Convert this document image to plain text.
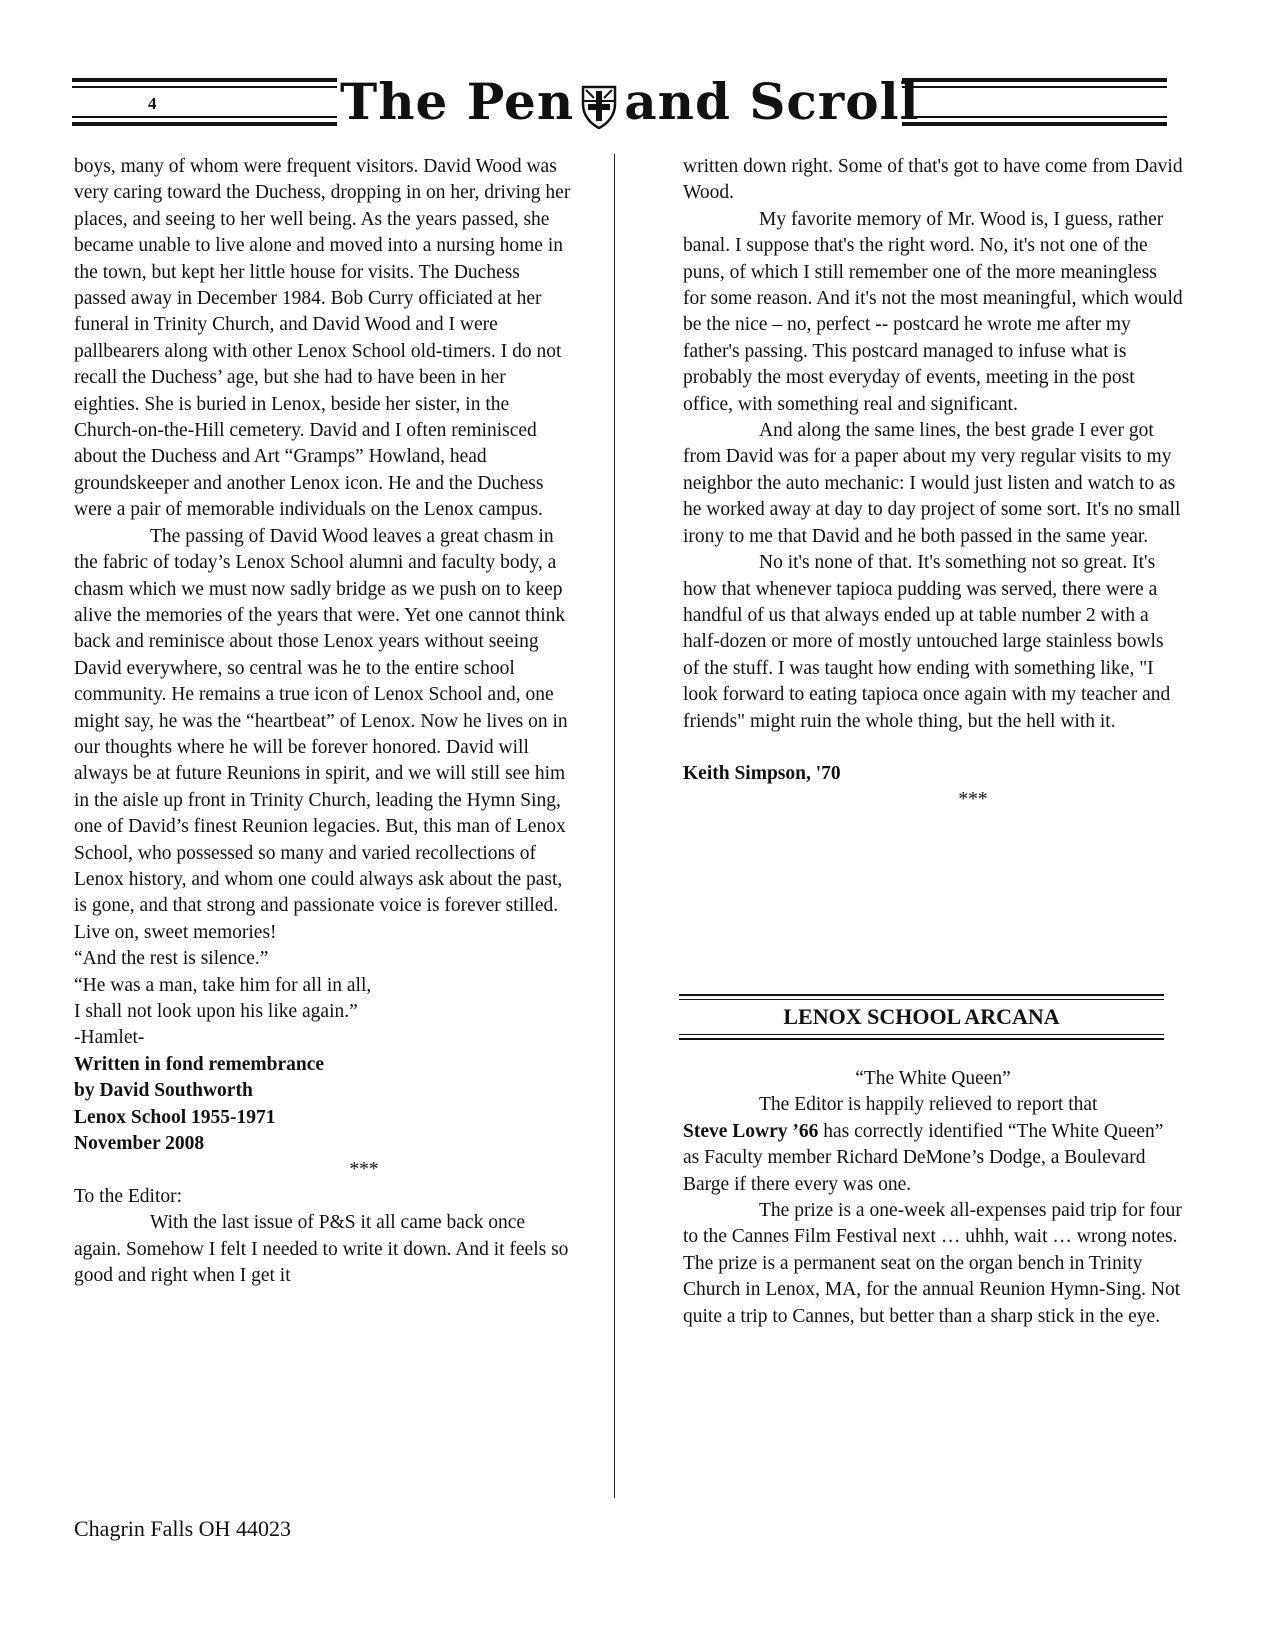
4	The Pen and Scroll

boys, many of whom were frequent visitors. David Wood was very caring toward the Duchess, dropping in on her, driving her places, and seeing to her well being. As the years passed, she became unable to live alone and moved into a nursing home in the town, but kept her little house for visits. The Duchess passed away in December 1984. Bob Curry officiated at her funeral in Trinity Church, and David Wood and I were pallbearers along with other Lenox School old-timers. I do not recall the Duchess’ age, but she had to have been in her eighties. She is buried in Lenox, beside her sister, in the Church-on-the-Hill cemetery. David and I often reminisced about the Duchess and Art “Gramps” Howland, head groundskeeper and another Lenox icon. He and the Duchess were a pair of memorable individuals on the Lenox campus.

The passing of David Wood leaves a great chasm in the fabric of today’s Lenox School alumni and faculty body, a chasm which we must now sadly bridge as we push on to keep alive the memories of the years that were. Yet one cannot think back and reminisce about those Lenox years without seeing David everywhere, so central was he to the entire school community. He remains a true icon of Lenox School and, one might say, he was the “heartbeat” of Lenox. Now he lives on in our thoughts where he will be forever honored. David will always be at future Reunions in spirit, and we will still see him in the aisle up front in Trinity Church, leading the Hymn Sing, one of David’s finest Reunion legacies. But, this man of Lenox School, who possessed so many and varied recollections of Lenox history, and whom one could always ask about the past, is gone, and that strong and passionate voice is forever stilled. Live on, sweet memories!

“And the rest is silence.”

“He was a man, take him for all in all,

I shall not look upon his like again.”

-Hamlet-

Written in fond remembrance

by David Southworth

Lenox School 1955-1971

November 2008

***

To the Editor:

With the last issue of P&S it all came back once again. Somehow I felt I needed to write it down. And it feels so good and right when I get it

written down right. Some of that's got to have come from David Wood.

My favorite memory of Mr. Wood is, I guess, rather banal. I suppose that's the right word. No, it's not one of the puns, of which I still remember one of the more meaningless for some reason. And it's not the most meaningful, which would be the nice – no, perfect -- postcard he wrote me after my father's passing. This postcard managed to infuse what is probably the most everyday of events, meeting in the post office, with something real and significant.

And along the same lines, the best grade I ever got from David was for a paper about my very regular visits to my neighbor the auto mechanic: I would just listen and watch to as he worked away at day to day project of some sort. It's no small irony to me that David and he both passed in the same year.

No it's none of that. It's something not so great. It's how that whenever tapioca pudding was served, there were a handful of us that always ended up at table number 2 with a half-dozen or more of mostly untouched large stainless bowls of the stuff. I was taught how ending with something like, "I look forward to eating tapioca once again with my teacher and friends" might ruin the whole thing, but the hell with it.

Keith Simpson, '70

***

LENOX SCHOOL ARCANA

“The White Queen”

The Editor is happily relieved to report that

Steve Lowry ’66 has correctly identified “The White Queen” as Faculty member Richard DeMone’s Dodge, a Boulevard Barge if there every was one.

The prize is a one-week all-expenses paid trip for four to the Cannes Film Festival next … uhhh, wait … wrong notes. The prize is a permanent seat on the organ bench in Trinity Church in Lenox, MA, for the annual Reunion Hymn-Sing. Not quite a trip to Cannes, but better than a sharp stick in the eye.

Chagrin Falls OH 44023
